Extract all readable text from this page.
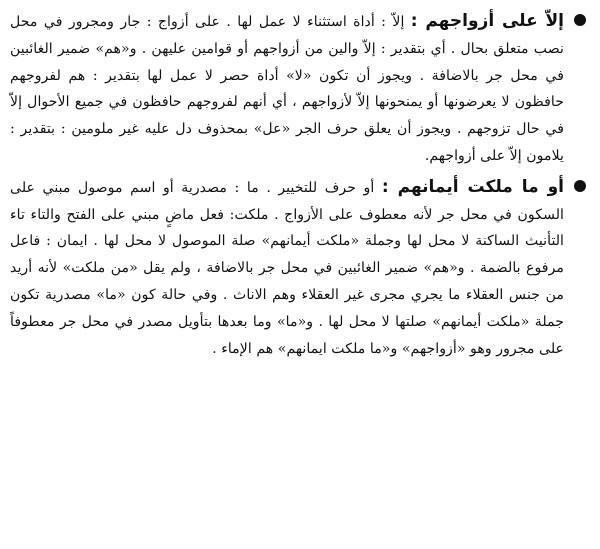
إلاّ على أزواجهم : إلاّ : أداة استثناء لا عمل لها . على أزواج : جار ومجرور في محل نصب متعلق بحال . أي بتقدير : إلاّ والين من أزواجهم أو قوامين عليهن . و«هم» ضمير الغائبين في محل جر بالاضافة . ويجوز أن تكون «لا» أداة حصر لا عمل لها بتقدير : هم لفروجهم حافظون لا يعرضونها أو يمنحونها إلاّ لأزواجهم ، أي أنهم لفروجهم حافظون في جميع الأحوال إلاّ في حال تزوجهم . ويجوز أن يعلق حرف الجر «عل» بمحذوف دل عليه غير ملومين : بتقدير : يلامون إلاّ على أزواجهم.

أو ما ملكت أيمانهم : أو حرف للتخيير . ما : مصدرية أو اسم موصول مبني على السكون في محل جر لأنه معطوف على الأزواج . ملكت: فعل ماضٍ مبني على الفتح والتاء تاء التأنيث الساكنة لا محل لها وجملة «ملكت أيمانهم» صلة الموصول لا محل لها . ايمان : فاعل مرفوع بالضمة . و«هم» ضمير الغائبين في محل جر بالاضافة ، ولم يقل «من ملكت» لأنه أريد من جنس العقلاء ما يجري مجرى غير العقلاء وهم الاناث . وفي حالة كون «ما» مصدرية تكون جملة «ملكت أيمانهم» صلتها لا محل لها . و«ما» وما بعدها بتأويل مصدر في محل جر معطوفاً على مجرور وهو «أزواجهم» و«ما ملكت ايمانهم» هم الإماء .
